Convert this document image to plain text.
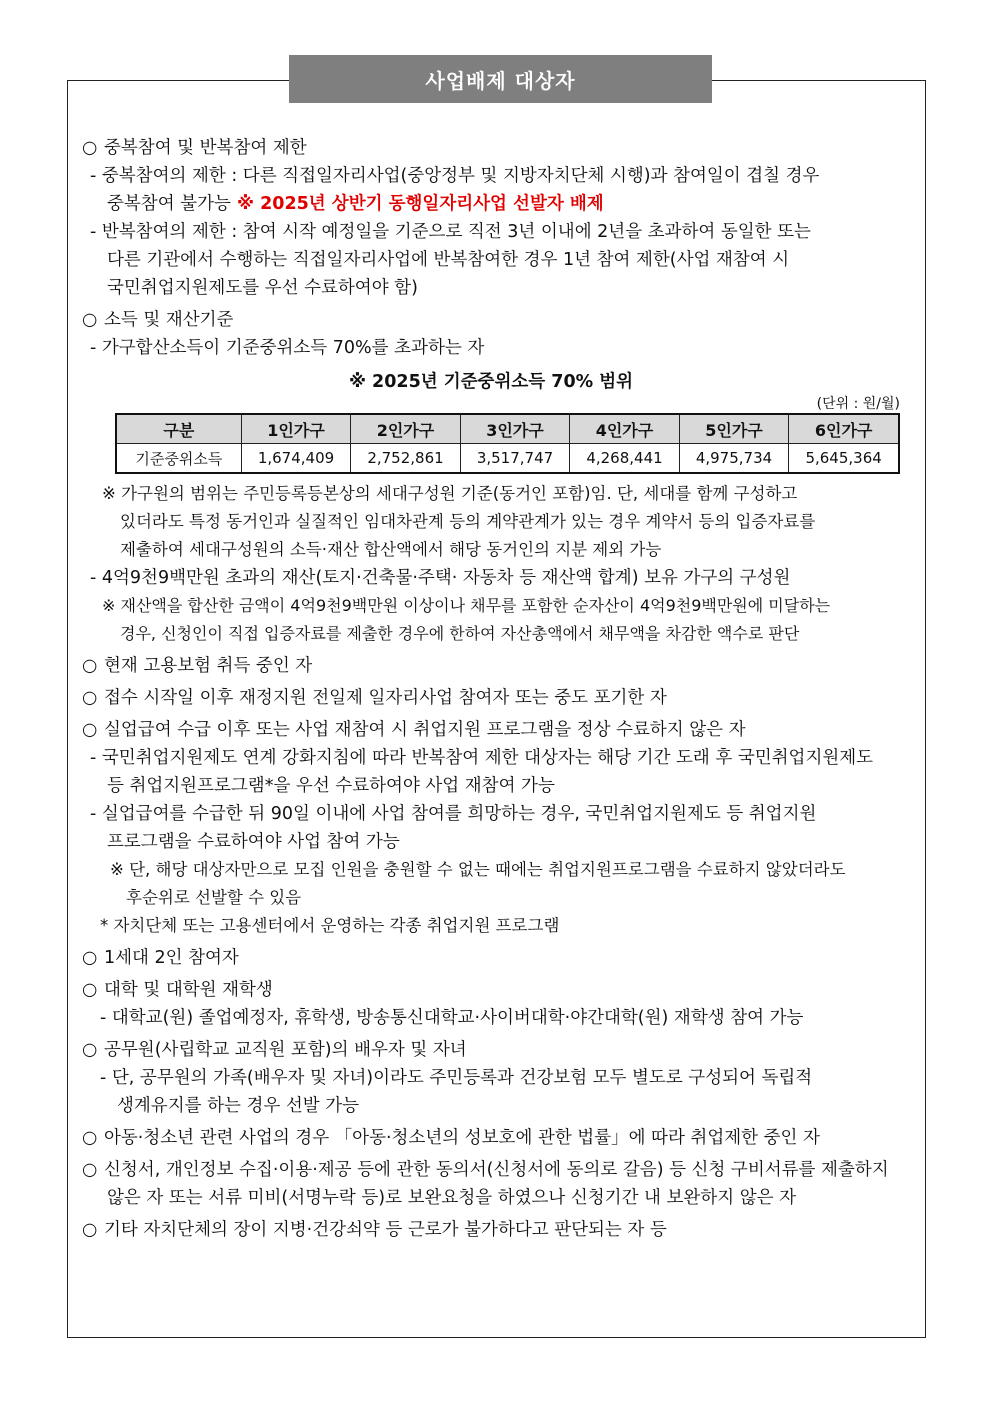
사업배제 대상자
○ 중복참여 및 반복참여 제한
- 중복참여의 제한 : 다른 직접일자리사업(중앙정부 및 지방자치단체 시행)과 참여일이 겹칠 경우
중복참여 불가능 ※ 2025년 상반기 동행일자리사업 선발자 배제
- 반복참여의 제한 : 참여 시작 예정일을 기준으로 직전 3년 이내에 2년을 초과하여 동일한 또는
다른 기관에서 수행하는 직접일자리사업에 반복참여한 경우 1년 참여 제한(사업 재참여 시
국민취업지원제도를 우선 수료하여야 함)
○ 소득 및 재산기준
- 가구합산소득이 기준중위소득 70%를 초과하는 자
※ 2025년 기준중위소득 70% 범위
(단위 : 원/월)
구분	1인가구	2인가구	3인가구	4인가구	5인가구	6인가구
기준중위소득	1,674,409	2,752,861	3,517,747	4,268,441	4,975,734	5,645,364
※ 가구원의 범위는 주민등록등본상의 세대구성원 기준(동거인 포함)임. 단, 세대를 함께 구성하고
있더라도 특정 동거인과 실질적인 임대차관계 등의 계약관계가 있는 경우 계약서 등의 입증자료를
제출하여 세대구성원의 소득·재산 합산액에서 해당 동거인의 지분 제외 가능
- 4억9천9백만원 초과의 재산(토지·건축물·주택· 자동차 등 재산액 합계) 보유 가구의 구성원
※ 재산액을 합산한 금액이 4억9천9백만원 이상이나 채무를 포함한 순자산이 4억9천9백만원에 미달하는
경우, 신청인이 직접 입증자료를 제출한 경우에 한하여 자산총액에서 채무액을 차감한 액수로 판단
○ 현재 고용보험 취득 중인 자
○ 접수 시작일 이후 재정지원 전일제 일자리사업 참여자 또는 중도 포기한 자
○ 실업급여 수급 이후 또는 사업 재참여 시 취업지원 프로그램을 정상 수료하지 않은 자
- 국민취업지원제도 연계 강화지침에 따라 반복참여 제한 대상자는 해당 기간 도래 후 국민취업지원제도
등 취업지원프로그램*을 우선 수료하여야 사업 재참여 가능
- 실업급여를 수급한 뒤 90일 이내에 사업 참여를 희망하는 경우, 국민취업지원제도 등 취업지원
프로그램을 수료하여야 사업 참여 가능
※ 단, 해당 대상자만으로 모집 인원을 충원할 수 없는 때에는 취업지원프로그램을 수료하지 않았더라도
후순위로 선발할 수 있음
* 자치단체 또는 고용센터에서 운영하는 각종 취업지원 프로그램
○ 1세대 2인 참여자
○ 대학 및 대학원 재학생
- 대학교(원) 졸업예정자, 휴학생, 방송통신대학교·사이버대학·야간대학(원) 재학생 참여 가능
○ 공무원(사립학교 교직원 포함)의 배우자 및 자녀
- 단, 공무원의 가족(배우자 및 자녀)이라도 주민등록과 건강보험 모두 별도로 구성되어 독립적
생계유지를 하는 경우 선발 가능
○ 아동·청소년 관련 사업의 경우 「아동·청소년의 성보호에 관한 법률」에 따라 취업제한 중인 자
○ 신청서, 개인정보 수집·이용·제공 등에 관한 동의서(신청서에 동의로 갈음) 등 신청 구비서류를 제출하지
않은 자 또는 서류 미비(서명누락 등)로 보완요청을 하였으나 신청기간 내 보완하지 않은 자
○ 기타 자치단체의 장이 지병·건강쇠약 등 근로가 불가하다고 판단되는 자 등
